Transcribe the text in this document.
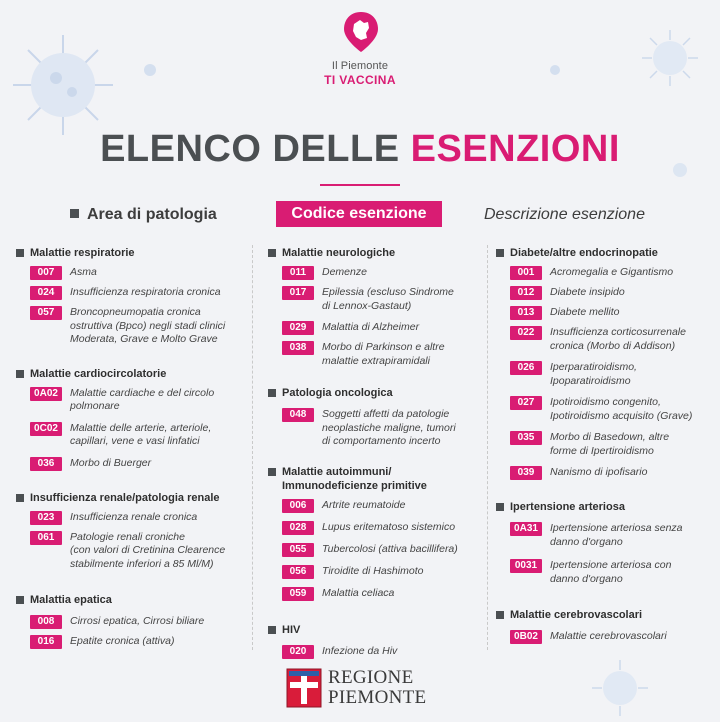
Il Piemonte
TI VACCINA
ELENCO DELLE ESENZIONI
Area di patologia	Codice esenzione	Descrizione esenzione
Malattie respiratorie
007	Asma
024	Insufficienza respiratoria cronica
057	Broncopneumopatia cronica
ostruttiva (Bpco) negli stadi clinici
Moderata, Grave e Molto Grave
Malattie cardiocircolatorie
0A02	Malattie cardiache e del circolo
polmonare
0C02	Malattie delle arterie, arteriole,
capillari, vene e vasi linfatici
036	Morbo di Buerger
Insufficienza renale/patologia renale
023	Insufficienza renale cronica
061	Patologie renali croniche
(con valori di Cretinina Clearence
stabilmente inferiori a 85 Ml/M)
Malattia epatica
008	Cirrosi epatica, Cirrosi biliare
016	Epatite cronica (attiva)
Malattie neurologiche
011	Demenze
017	Epilessia (escluso Sindrome
di Lennox-Gastaut)
029	Malattia di Alzheimer
038	Morbo di Parkinson e altre
malattie extrapiramidali
Patologia oncologica
048	Soggetti affetti da patologie
neoplastiche maligne, tumori
di comportamento incerto
Malattie autoimmuni/
Immunodeficienze primitive
006	Artrite reumatoide
028	Lupus eritematoso sistemico
055	Tubercolosi (attiva bacillifera)
056	Tiroidite di Hashimoto
059	Malattia celiaca
HIV
020	Infezione da Hiv
Diabete/altre endocrinopatie
001	Acromegalia e Gigantismo
012	Diabete insipido
013	Diabete mellito
022	Insufficienza corticosurrenale
cronica (Morbo di Addison)
026	Iperparatiroidismo,
Ipoparatiroidismo
027	Ipotiroidismo congenito,
Ipotiroidismo acquisito (Grave)
035	Morbo di Basedown, altre
forme di Ipertiroidismo
039	Nanismo di ipofisario
Ipertensione arteriosa
0A31	Ipertensione arteriosa senza
danno d'organo
0031	Ipertensione arteriosa con
danno d'organo
Malattie cerebrovascolari
0B02	Malattie cerebrovascolari
REGIONE
PIEMONTE
